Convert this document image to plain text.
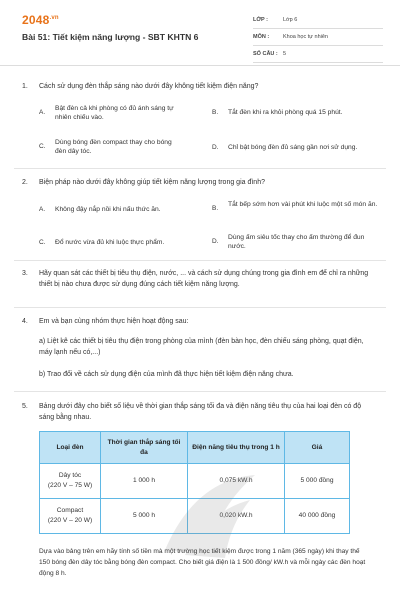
$2048^{.vn}$
Bài 51: Tiết kiệm năng lượng - SBT KHTN 6
LỚP :	Lớp 6
MÔN :	Khoa học tự nhiên
SỐ CÂU : 5
1. Cách sử dụng đèn thắp sáng nào dưới đây không tiết kiệm điện năng?
A.
Bật đèn cả khi phòng có đủ ánh sáng tự nhiên chiếu vào.
B. Tắt đèn khi ra khỏi phòng quá 15 phút.
C.
Dùng bóng đèn compact thay cho bóng đèn dây tóc.
D. Chỉ bật bóng đèn đủ sáng gần nơi sử dụng.
2. Biện pháp nào dưới đây không giúp tiết kiệm năng lượng trong gia đình?
A. Không đậy nắp nồi khi nấu thức ăn.	B.
Tắt bếp sớm hơn vài phút khi luộc một số món ăn.
C. Đổ nước vừa đủ khi luộc thực phẩm.	D.
Dùng ấm siêu tốc thay cho ấm thường để đun nước.
3. Hãy quan sát các thiết bị tiêu thụ điện, nước, ... và cách sử dụng chúng trong gia đình em để chỉ ra những thiết bị nào chưa được sử dụng đúng cách tiết kiệm năng lượng.
4. Em và bạn cùng nhóm thực hiện hoạt động sau:
a) Liệt kê các thiết bị tiêu thụ điện trong phòng của mình (đèn bàn học, đèn chiếu sáng phòng, quạt điện, máy lạnh nếu có,...)
b) Trao đổi về cách sử dụng điện của mình đã thực hiện tiết kiệm điện năng chưa.
5. Bảng dưới đây cho biết số liệu về thời gian thắp sáng tối đa và điện năng tiêu thụ của hai loại đèn có độ sáng bằng nhau.
Loại đèn	Thời gian thắp sáng tối đa	Điện năng tiêu thụ trong 1 h	Giá
Dây tóc
(220 V – 75 W)	1 000 h	0,075 kW.h	5 000 đồng
Compact
(220 V – 20 W)	5 000 h	0,020 kW.h	40 000 đồng
Dựa vào bảng trên em hãy tính số tiền mà một trường học tiết kiệm được trong 1 năm (365 ngày) khi thay thế 150 bóng đèn dây tóc bằng bóng đèn compact. Cho biết giá điện là 1 500 đồng/ kW.h và mỗi ngày các đèn hoạt động 8 h.
